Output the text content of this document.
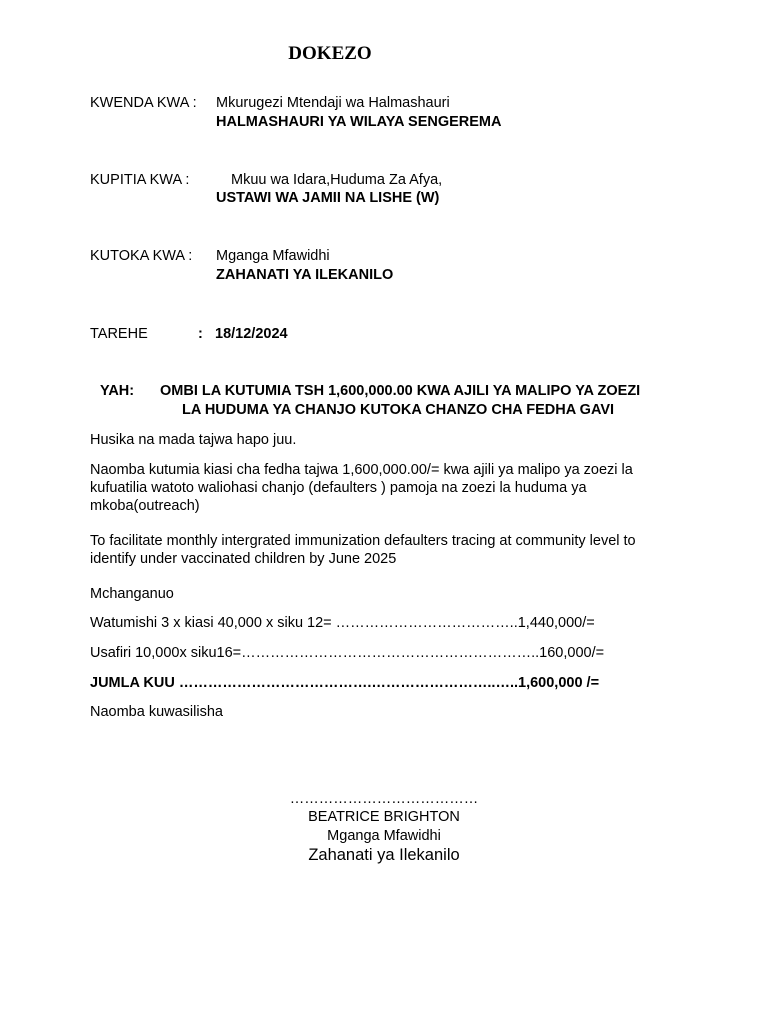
DOKEZO
KWENDA KWA : Mkurugezi Mtendaji wa Halmashauri
HALMASHAURI YA WILAYA SENGEREMA
KUPITIA KWA :	Mkuu wa Idara,Huduma Za Afya,
USTAWI WA JAMII NA LISHE (W)
KUTOKA KWA : Mganga Mfawidhi
ZAHANATI YA ILEKANILO
TAREHE	: 18/12/2024
YAH: OMBI LA KUTUMIA TSH 1,600,000.00 KWA AJILI YA MALIPO YA ZOEZI
LA HUDUMA YA CHANJO KUTOKA CHANZO CHA FEDHA GAVI
Husika na mada tajwa hapo juu.
Naomba kutumia kiasi cha fedha tajwa 1,600,000.00/= kwa ajili ya malipo ya zoezi la kufuatilia watoto waliohasi chanjo (defaulters ) pamoja na zoezi la huduma ya mkoba(outreach)
To facilitate monthly intergrated immunization defaulters tracing at community level to identify under vaccinated children by June 2025
Mchanganuo
Watumishi 3 x kiasi 40,000 x siku 12= ………………………………..1,440,000/=
Usafiri 10,000x siku16=……………………………………………………..160,000/=
JUMLA KUU ………………………………….……………………..…..1,600,000 /=
Naomba kuwasilisha
…………………………………
BEATRICE BRIGHTON
Mganga Mfawidhi
Zahanati ya Ilekanilo
